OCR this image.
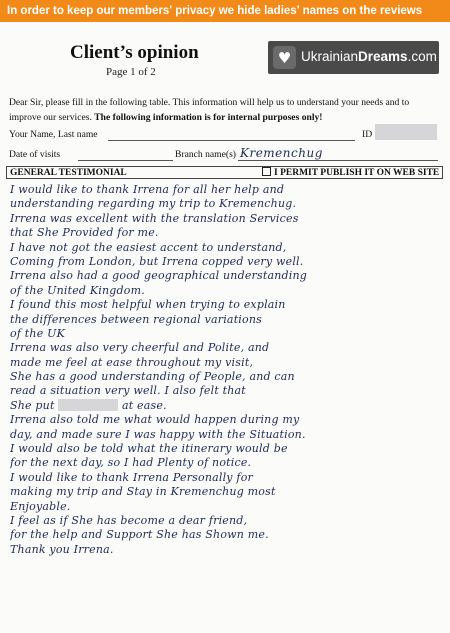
In order to keep our members' privacy we hide ladies' names on the reviews
Client’s opinion
Page 1 of 2
♥ UkrainianDreams.com
Dear Sir, please fill in the following table. This information will help us to understand your needs and to improve our services. The following information is for internal purposes only!
Your Name, Last name	ID
Date of visits	Branch name(s) Kremenchug
GENERAL TESTIMONIAL	I PERMIT PUBLISH IT ON WEB SITE
I would like to thank Irrena for all her help and
understanding regarding my trip to Kremenchug.
Irrena was excellent with the translation Services
that She Provided for me.
I have not got the easiest accent to understand,
Coming from London, but Irrena copped very well.
Irrena also had a good geographical understanding
of the United Kingdom.
I found this most helpful when trying to explain
the differences between regional variations
of the UK
Irrena was also very cheerful and Polite, and
made me feel at ease throughout my visit,
She has a good understanding of People, and can
read a situation very well. I also felt that
She put	at ease.
Irrena also told me what would happen during my
day, and made sure I was happy with the Situation.
I would also be told what the itinerary would be
for the next day, so I had Plenty of notice.
I would like to thank Irrena Personally for
making my trip and Stay in Kremenchug most
Enjoyable.
I feel as if She has become a dear friend,
for the help and Support She has Shown me.
Thank you Irrena.
